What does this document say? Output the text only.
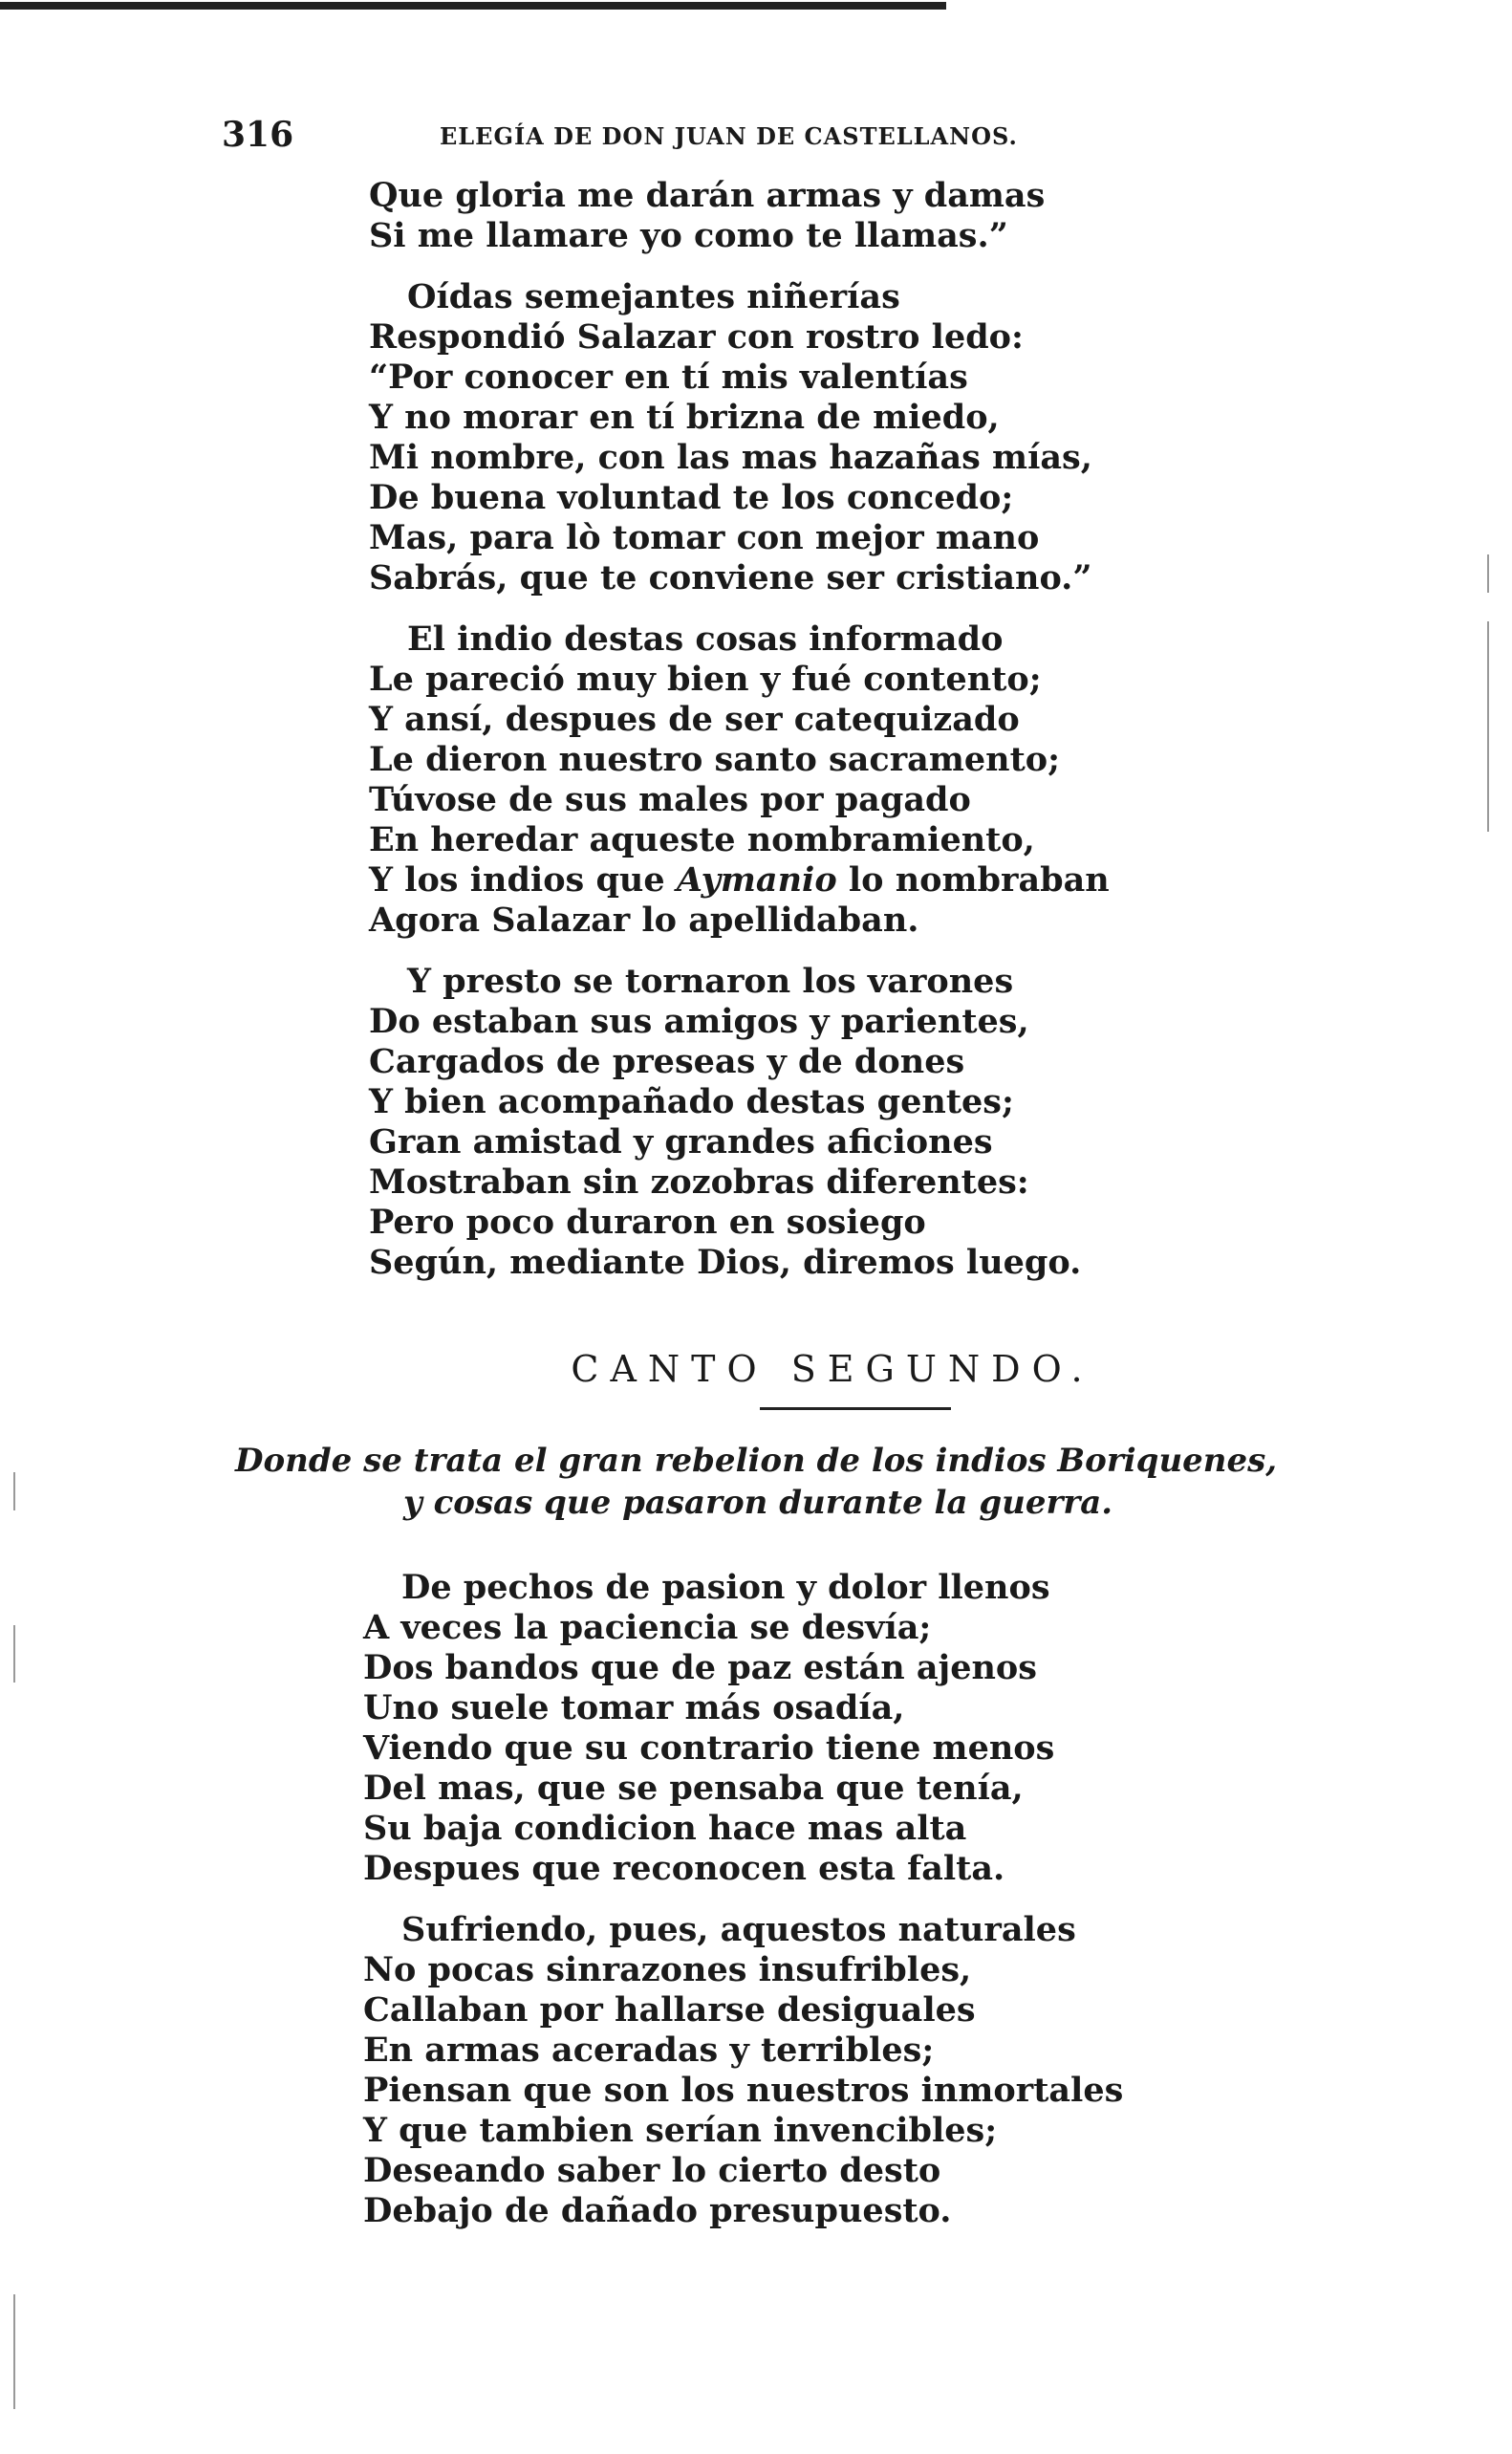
316	ELEGÍA DE DON JUAN DE CASTELLANOS.
Que gloria me darán armas y damas
Si me llamare yo como te llamas.”
Oídas semejantes niñerías
Respondió Salazar con rostro ledo:
“Por conocer en tí mis valentías
Y no morar en tí brizna de miedo,
Mi nombre, con las mas hazañas mías,
De buena voluntad te los concedo;
Mas, para lò tomar con mejor mano
Sabrás, que te conviene ser cristiano.”
El indio destas cosas informado
Le pareció muy bien y fué contento;
Y ansí, despues de ser catequizado
Le dieron nuestro santo sacramento;
Túvose de sus males por pagado
En heredar aqueste nombramiento,
Y los indios que Aymanio lo nombraban
Agora Salazar lo apellidaban.
Y presto se tornaron los varones
Do estaban sus amigos y parientes,
Cargados de preseas y de dones
Y bien acompañado destas gentes;
Gran amistad y grandes aficiones
Mostraban sin zozobras diferentes:
Pero poco duraron en sosiego
Según, mediante Dios, diremos luego.
CANTO SEGUNDO.
Donde se trata el gran rebelion de los indios Boriquenes,
y cosas que pasaron durante la guerra.
De pechos de pasion y dolor llenos
A veces la paciencia se desvía;
Dos bandos que de paz están ajenos
Uno suele tomar más osadía,
Viendo que su contrario tiene menos
Del mas, que se pensaba que tenía,
Su baja condicion hace mas alta
Despues que reconocen esta falta.
Sufriendo, pues, aquestos naturales
No pocas sinrazones insufribles,
Callaban por hallarse desiguales
En armas aceradas y terribles;
Piensan que son los nuestros inmortales
Y que tambien serían invencibles;
Deseando saber lo cierto desto
Debajo de dañado presupuesto.
